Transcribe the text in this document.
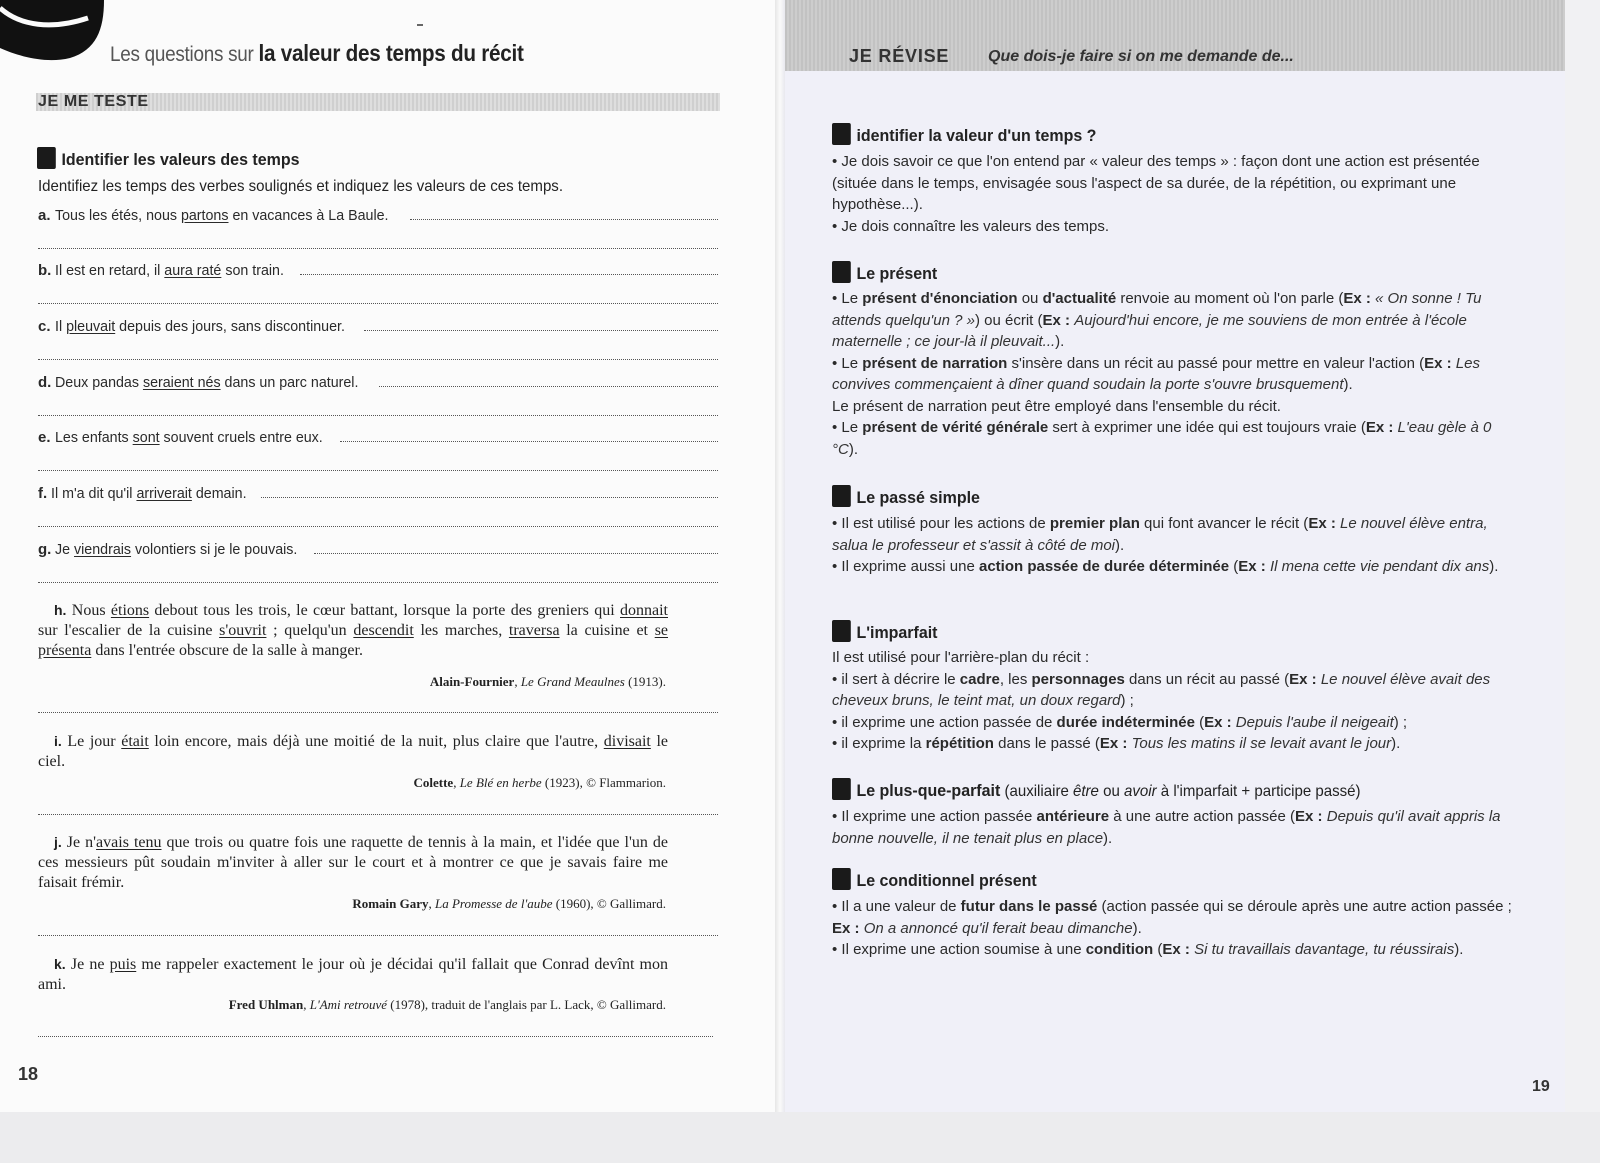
Les questions sur la valeur des temps du récit
JE ME TESTE
Identifier les valeurs des temps
Identifiez les temps des verbes soulignés et indiquez les valeurs de ces temps.
a. Tous les étés, nous partons en vacances à La Baule.
b. Il est en retard, il aura raté son train.
c. Il pleuvait depuis des jours, sans discontinuer.
d. Deux pandas seraient nés dans un parc naturel.
e. Les enfants sont souvent cruels entre eux.
f. Il m'a dit qu'il arriverait demain.
g. Je viendrais volontiers si je le pouvais.
h. Nous étions debout tous les trois, le cœur battant, lorsque la porte des greniers qui donnait sur l'escalier de la cuisine s'ouvrit ; quelqu'un descendit les marches, traversa la cuisine et se présenta dans l'entrée obscure de la salle à manger.
Alain-Fournier, Le Grand Meaulnes (1913).
i. Le jour était loin encore, mais déjà une moitié de la nuit, plus claire que l'autre, divisait le ciel.
Colette, Le Blé en herbe (1923), © Flammarion.
j. Je n'avais tenu que trois ou quatre fois une raquette de tennis à la main, et l'idée que l'un de ces messieurs pût soudain m'inviter à aller sur le court et à montrer ce que je savais faire me faisait frémir.
Romain Gary, La Promesse de l'aube (1960), © Gallimard.
k. Je ne puis me rappeler exactement le jour où je décidai qu'il fallait que Conrad devînt mon ami.
Fred Uhlman, L'Ami retrouvé (1978), traduit de l'anglais par L. Lack, © Gallimard.
18
JE RÉVISE Que dois-je faire si on me demande de...
identifier la valeur d'un temps ?

• Je dois savoir ce que l'on entend par « valeur des temps » : façon dont une action est présentée (située dans le temps, envisagée sous l'aspect de sa durée, de la répétition, ou exprimant une hypothèse...).

• Je dois connaître les valeurs des temps.

Le présent

• Le présent d'énonciation ou d'actualité renvoie au moment où l'on parle (Ex : « On sonne ! Tu attends quelqu'un ? ») ou écrit (Ex : Aujourd'hui encore, je me souviens de mon entrée à l'école maternelle ; ce jour-là il pleuvait...).

• Le présent de narration s'insère dans un récit au passé pour mettre en valeur l'action (Ex : Les convives commençaient à dîner quand soudain la porte s'ouvre brusquement).

Le présent de narration peut être employé dans l'ensemble du récit.

• Le présent de vérité générale sert à exprimer une idée qui est toujours vraie (Ex : L'eau gèle à 0 °C).

Le passé simple

• Il est utilisé pour les actions de premier plan qui font avancer le récit (Ex : Le nouvel élève entra, salua le professeur et s'assit à côté de moi).

• Il exprime aussi une action passée de durée déterminée (Ex : Il mena cette vie pendant dix ans).

L'imparfait

Il est utilisé pour l'arrière-plan du récit :

• il sert à décrire le cadre, les personnages dans un récit au passé (Ex : Le nouvel élève avait des cheveux bruns, le teint mat, un doux regard) ;

• il exprime une action passée de durée indéterminée (Ex : Depuis l'aube il neigeait) ;

• il exprime la répétition dans le passé (Ex : Tous les matins il se levait avant le jour).

Le plus-que-parfait (auxiliaire être ou avoir à l'imparfait + participe passé)

• Il exprime une action passée antérieure à une autre action passée (Ex : Depuis qu'il avait appris la bonne nouvelle, il ne tenait plus en place).

Le conditionnel présent

• Il a une valeur de futur dans le passé (action passée qui se déroule après une autre action passée ; Ex : On a annoncé qu'il ferait beau dimanche).

• Il exprime une action soumise à une condition (Ex : Si tu travaillais davantage, tu réussirais).

19
